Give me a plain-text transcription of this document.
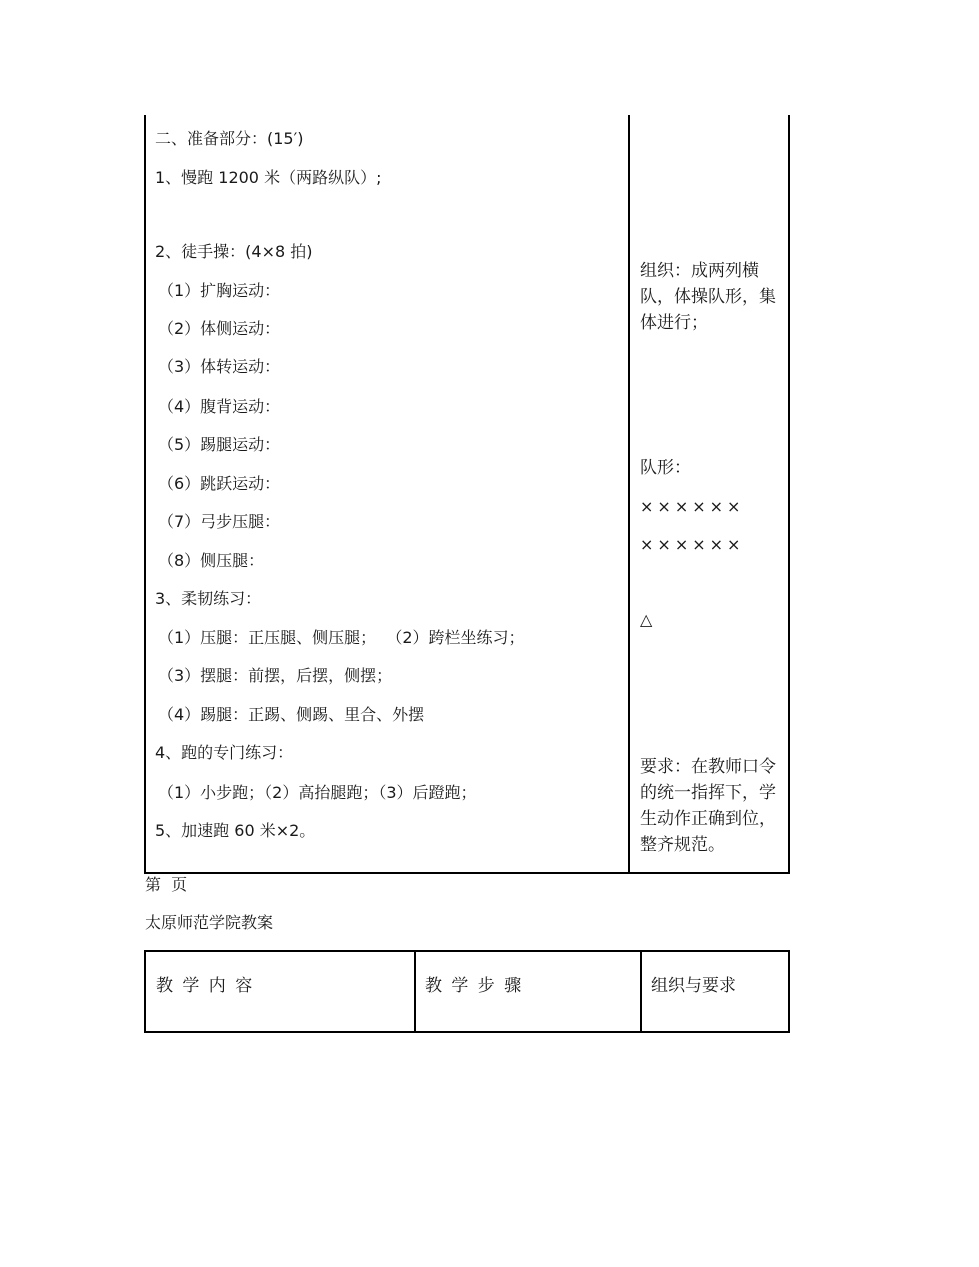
二、准备部分：(15′)
1、慢跑 1200 米（两路纵队）;
2、徒手操：(4×8 拍)
（1）扩胸运动：
（2）体侧运动：
（3）体转运动：
（4）腹背运动：
（5）踢腿运动：
（6）跳跃运动：
（7）弓步压腿：
（8）侧压腿：
3、柔韧练习：
（1）压腿：正压腿、侧压腿；  （2）跨栏坐练习；
（3）摆腿：前摆，后摆，侧摆；
（4）踢腿：正踢、侧踢、里合、外摆
4、跑的专门练习：
（1）小步跑；（2）高抬腿跑；（3）后蹬跑；
5、加速跑 60 米×2。
组织：成两列横队，体操队形，集体进行；
队形：
××××××
××××××
△
要求：在教师口令的统一指挥下，学生动作正确到位，整齐规范。
第  页
太原师范学院教案
教 学 内 容	教 学 步 骤	组织与要求
